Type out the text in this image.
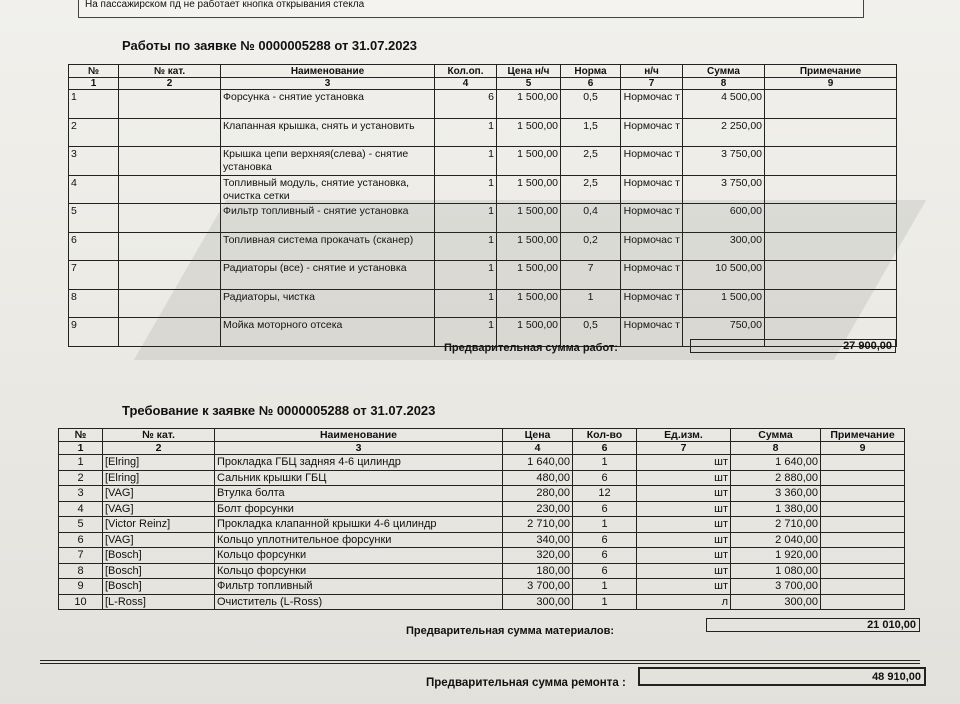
На пассажирском пд не работает кнопка открывания стекла
Работы по заявке № 0000005288 от 31.07.2023
№	№ кат.	Наименование	Кол.оп.	Цена н/ч	Норма	н/ч	Сумма	Примечание
1	2	3	4	5	6	7	8	9
1		Форсунка - снятие установка	6	1 500,00	0,5	Нормочас т	4 500,00	
2		Клапанная крышка, снять и установить	1	1 500,00	1,5	Нормочас т	2 250,00	
3		Крышка цепи верхняя(слева) - снятие установка	1	1 500,00	2,5	Нормочас т	3 750,00	
4		Топливный модуль, снятие установка, очистка сетки	1	1 500,00	2,5	Нормочас т	3 750,00	
5		Фильтр топливный - снятие установка	1	1 500,00	0,4	Нормочас т	600,00	
6		Топливная система прокачать (сканер)	1	1 500,00	0,2	Нормочас т	300,00	
7		Радиаторы (все) - снятие и установка	1	1 500,00	7	Нормочас т	10 500,00	
8		Радиаторы, чистка	1	1 500,00	1	Нормочас т	1 500,00	
9		Мойка моторного отсека	1	1 500,00	0,5	Нормочас т	750,00	
Предварительная сумма работ:	27 900,00
Требование к заявке № 0000005288 от 31.07.2023
№	№ кат.	Наименование	Цена	Кол-во	Ед.изм.	Сумма	Примечание
1	2	3	4	6	7	8	9
1	[Elring]	Прокладка ГБЦ задняя 4-6 цилиндр	1 640,00	1	шт	1 640,00	
2	[Elring]	Сальник крышки ГБЦ	480,00	6	шт	2 880,00	
3	[VAG]	Втулка болта	280,00	12	шт	3 360,00	
4	[VAG]	Болт форсунки	230,00	6	шт	1 380,00	
5	[Victor Reinz]	Прокладка клапанной крышки 4-6 цилиндр	2 710,00	1	шт	2 710,00	
6	[VAG]	Кольцо уплотнительное форсунки	340,00	6	шт	2 040,00	
7	[Bosch]	Кольцо форсунки	320,00	6	шт	1 920,00	
8	[Bosch]	Кольцо форсунки	180,00	6	шт	1 080,00	
9	[Bosch]	Фильтр топливный	3 700,00	1	шт	3 700,00	
10	[L-Ross]	Очиститель (L-Ross)	300,00	1	л	300,00	
Предварительная сумма материалов:	21 010,00
Предварительная сумма ремонта :	48 910,00
